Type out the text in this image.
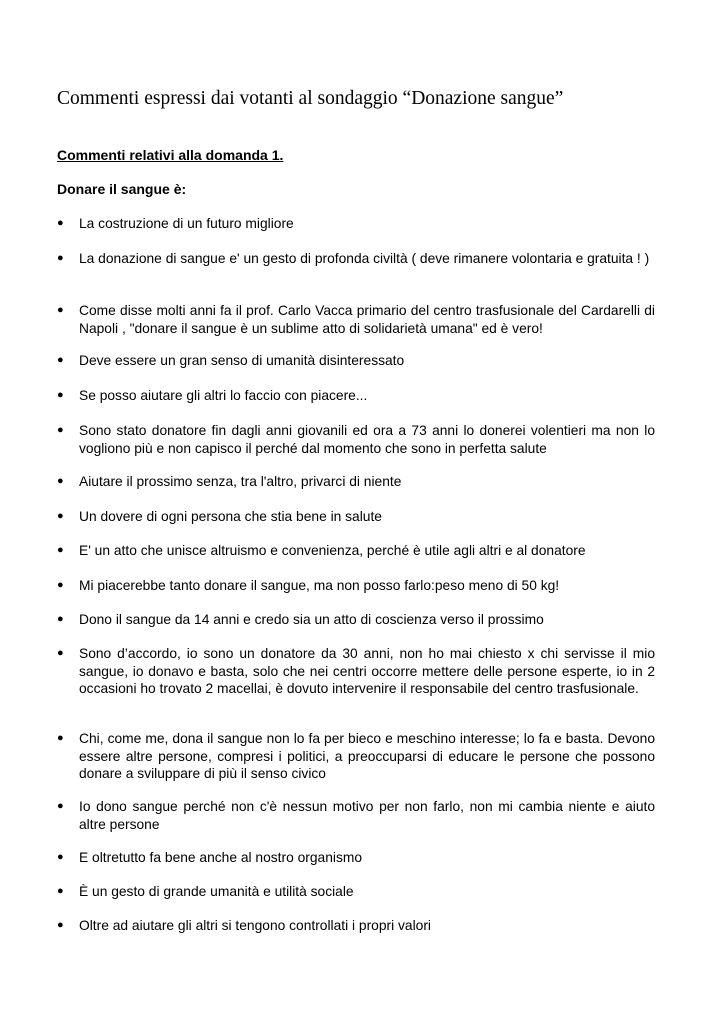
Commenti espressi dai votanti al sondaggio “Donazione sangue”
Commenti relativi alla domanda 1.
Donare il sangue è:
●	La costruzione di un futuro migliore
●	La donazione di sangue e' un gesto di profonda civiltà ( deve rimanere volontaria e gratuita ! )
●	Come disse molti anni fa il prof. Carlo Vacca primario del centro trasfusionale del Cardarelli di Napoli , "donare il sangue è un sublime atto di solidarietà umana" ed è vero!
●	Deve essere un gran senso di umanità disinteressato
●	Se posso aiutare gli altri lo faccio con piacere...
●	Sono stato donatore fin dagli anni giovanili ed ora a 73 anni lo donerei volentieri ma non lo vogliono più e non capisco il perché dal momento che sono in perfetta salute
●	Aiutare il prossimo senza, tra l'altro, privarci di niente
●	Un dovere di ogni persona che stia bene in salute
●	E' un atto che unisce altruismo e convenienza, perché è utile agli altri e al donatore
●	Mi piacerebbe tanto donare il sangue, ma non posso farlo:peso meno di 50 kg!
●	Dono il sangue da 14 anni e credo sia un atto di coscienza verso il prossimo
●	Sono d’accordo, io sono un donatore da 30 anni, non ho mai chiesto x chi servisse il mio sangue, io donavo e basta, solo che nei centri occorre mettere delle persone esperte, io in 2 occasioni ho trovato 2 macellai, è dovuto intervenire il responsabile del centro trasfusionale.
●	Chi, come me, dona il sangue non lo fa per bieco e meschino interesse; lo fa e basta. Devono essere altre persone, compresi i politici, a preoccuparsi di educare le persone che possono donare a sviluppare di più il senso civico
●	Io dono sangue perché non c'è nessun motivo per non farlo, non mi cambia niente e aiuto altre persone
●	E oltretutto fa bene anche al nostro organismo
●	È un gesto di grande umanità e utilità sociale
●	Oltre ad aiutare gli altri si tengono controllati i propri valori
